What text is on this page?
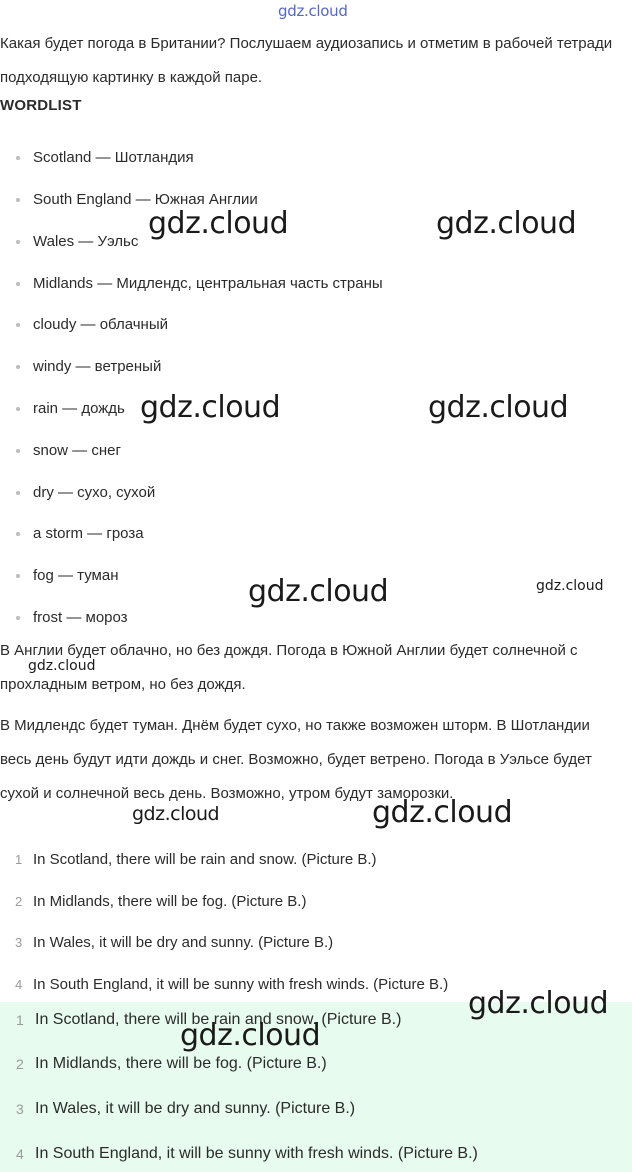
gdz.cloud

Какая будет погода в Британии? Послушаем аудиозапись и отметим в рабочей тетради подходящую картинку в каждой паре.

WORDLIST
Scotland — Шотландия
South England — Южная Англии
Wales — Уэльс
Midlands — Мидлендс, центральная часть страны
cloudy — облачный
windy — ветреный
rain — дождь
snow — снег
dry — сухо, сухой
a storm — гроза
fog — туман
frost — мороз

В Англии будет облачно, но без дождя. Погода в Южной Англии будет солнечной с прохладным ветром, но без дождя.

В Мидлендс будет туман. Днём будет сухо, но также возможен шторм. В Шотландии весь день будут идти дождь и снег. Возможно, будет ветрено. Погода в Уэльсе будет сухой и солнечной весь день. Возможно, утром будут заморозки.

1 In Scotland, there will be rain and snow. (Picture B.)
2 In Midlands, there will be fog. (Picture B.)
3 In Wales, it will be dry and sunny. (Picture B.)
4 In South England, it will be sunny with fresh winds. (Picture B.)
1 In Scotland, there will be rain and snow. (Picture B.)
2 In Midlands, there will be fog. (Picture B.)
3 In Wales, it will be dry and sunny. (Picture B.)
4 In South England, it will be sunny with fresh winds. (Picture B.)
gdz.cloud	gdz.cloud
gdz.cloud	gdz.cloud
gdz.cloud	gdz.cloud
gdz.cloud
gdz.cloud	gdz.cloud
gdz.cloud
gdz.cloud
